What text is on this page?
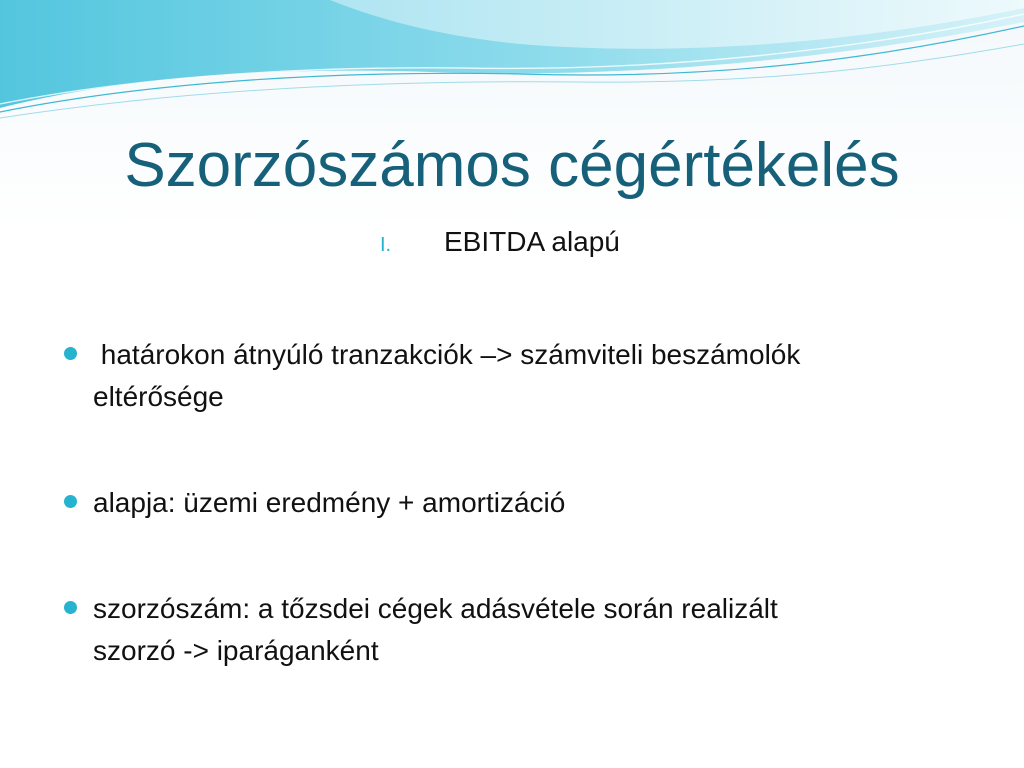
Szorzószámos cégértékelés
I.	EBITDA alapú
határokon átnyúló tranzakciók –> számviteli beszámolók
eltérősége
alapja: üzemi eredmény + amortizáció
szorzószám: a tőzsdei cégek adásvétele során realizált
szorzó -> iparáganként
